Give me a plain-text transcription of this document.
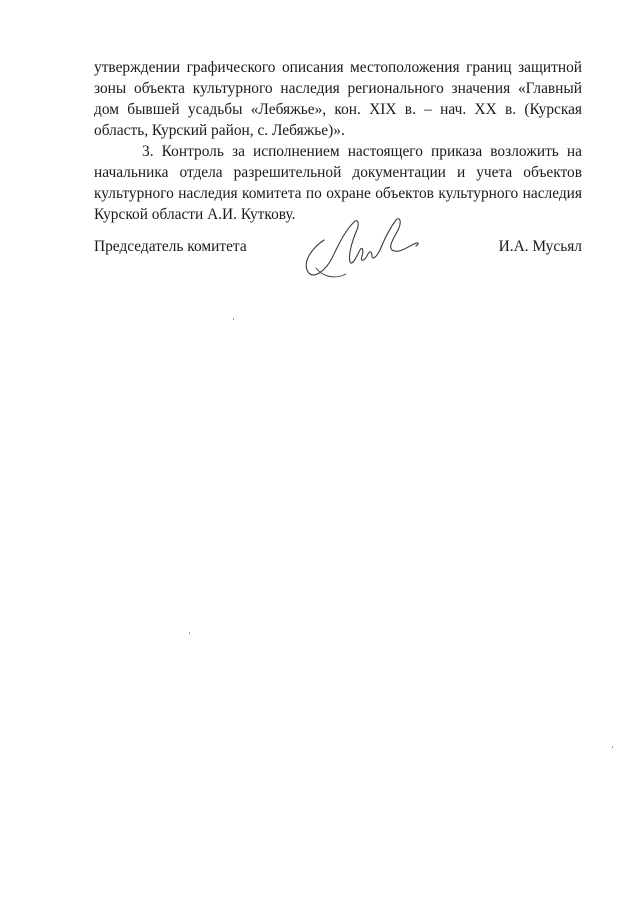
утверждении графического описания местоположения границ защитной зоны объекта культурного наследия регионального значения «Главный дом бывшей усадьбы «Лебяжье», кон. XIX в. – нач. XX в. (Курская область, Курский район, с. Лебяжье)».

3. Контроль за исполнением настоящего приказа возложить на начальника отдела разрешительной документации и учета объектов культурного наследия комитета по охране объектов культурного наследия Курской области А.И. Куткову.

Председатель комитета	И.А. Мусьял
